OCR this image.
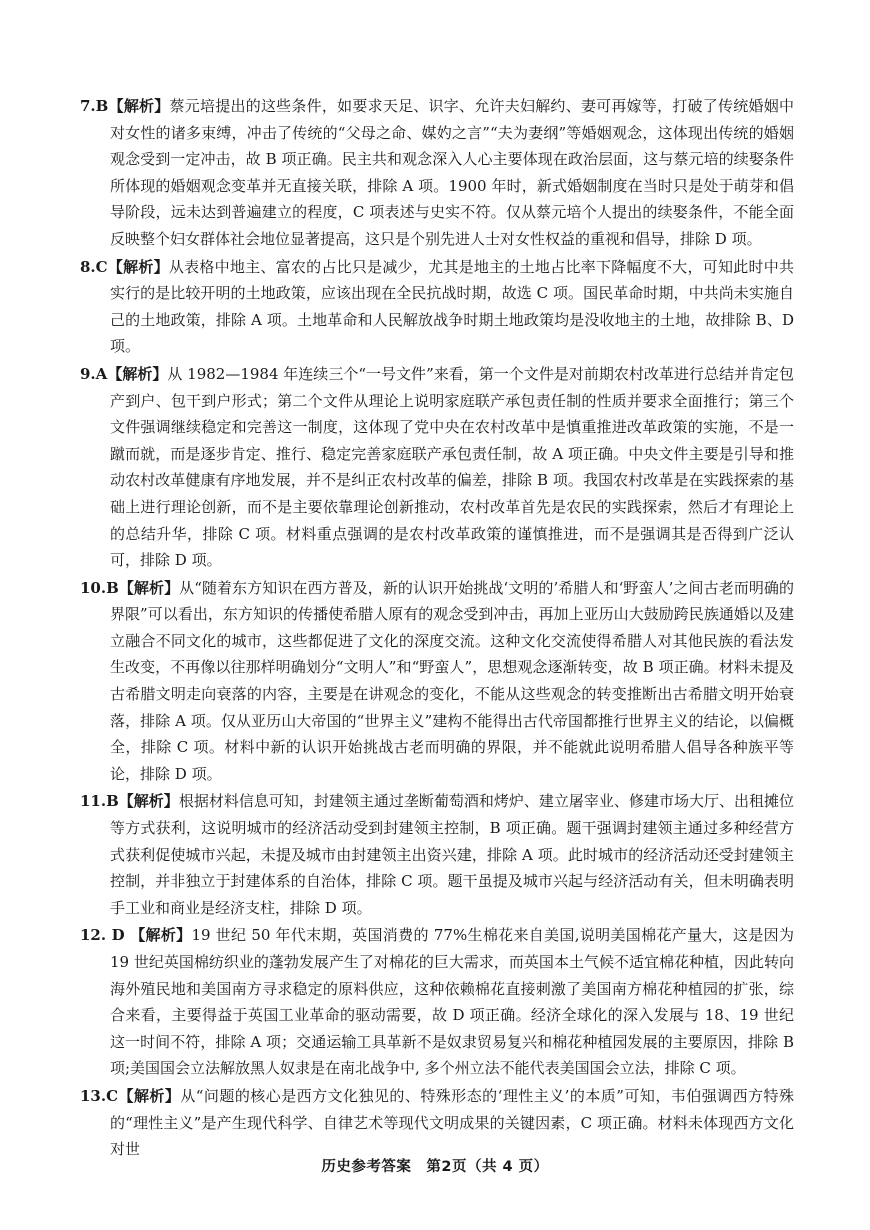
7.B【解析】蔡元培提出的这些条件，如要求天足、识字、允许夫妇解约、妻可再嫁等，打破了传统婚姻中对女性的诸多束缚，冲击了传统的“父母之命、媒妁之言”“夫为妻纲”等婚姻观念，这体现出传统的婚姻观念受到一定冲击，故 B 项正确。民主共和观念深入人心主要体现在政治层面，这与蔡元培的续娶条件所体现的婚姻观念变革并无直接关联，排除 A 项。1900 年时，新式婚姻制度在当时只是处于萌芽和倡导阶段，远未达到普遍建立的程度，C 项表述与史实不符。仅从蔡元培个人提出的续娶条件，不能全面反映整个妇女群体社会地位显著提高，这只是个别先进人士对女性权益的重视和倡导，排除 D 项。

8.C【解析】从表格中地主、富农的占比只是减少，尤其是地主的土地占比率下降幅度不大，可知此时中共实行的是比较开明的土地政策，应该出现在全民抗战时期，故选 C 项。国民革命时期，中共尚未实施自己的土地政策，排除 A 项。土地革命和人民解放战争时期土地政策均是没收地主的土地，故排除 B、D 项。

9.A【解析】从 1982—1984 年连续三个“一号文件”来看，第一个文件是对前期农村改革进行总结并肯定包产到户、包干到户形式；第二个文件从理论上说明家庭联产承包责任制的性质并要求全面推行；第三个文件强调继续稳定和完善这一制度，这体现了党中央在农村改革中是慎重推进改革政策的实施，不是一蹴而就，而是逐步肯定、推行、稳定完善家庭联产承包责任制，故 A 项正确。中央文件主要是引导和推动农村改革健康有序地发展，并不是纠正农村改革的偏差，排除 B 项。我国农村改革是在实践探索的基础上进行理论创新，而不是主要依靠理论创新推动，农村改革首先是农民的实践探索，然后才有理论上的总结升华，排除 C 项。材料重点强调的是农村改革政策的谨慎推进，而不是强调其是否得到广泛认可，排除 D 项。

10.B【解析】从“随着东方知识在西方普及，新的认识开始挑战‘文明的’希腊人和‘野蛮人’之间古老而明确的界限”可以看出，东方知识的传播使希腊人原有的观念受到冲击，再加上亚历山大鼓励跨民族通婚以及建立融合不同文化的城市，这些都促进了文化的深度交流。这种文化交流使得希腊人对其他民族的看法发生改变，不再像以往那样明确划分“文明人”和“野蛮人”，思想观念逐渐转变，故 B 项正确。材料未提及古希腊文明走向衰落的内容，主要是在讲观念的变化，不能从这些观念的转变推断出古希腊文明开始衰落，排除 A 项。仅从亚历山大帝国的“世界主义”建构不能得出古代帝国都推行世界主义的结论，以偏概全，排除 C 项。材料中新的认识开始挑战古老而明确的界限，并不能就此说明希腊人倡导各种族平等论，排除 D 项。

11.B【解析】根据材料信息可知，封建领主通过垄断葡萄酒和烤炉、建立屠宰业、修建市场大厅、出租摊位等方式获利，这说明城市的经济活动受到封建领主控制，B 项正确。题干强调封建领主通过多种经营方式获利促使城市兴起，未提及城市由封建领主出资兴建，排除 A 项。此时城市的经济活动还受封建领主控制，并非独立于封建体系的自治体，排除 C 项。题干虽提及城市兴起与经济活动有关，但未明确表明手工业和商业是经济支柱，排除 D 项。

12. D 【解析】19 世纪 50 年代末期，英国消费的 77%生棉花来自美国,说明美国棉花产量大，这是因为 19 世纪英国棉纺织业的蓬勃发展产生了对棉花的巨大需求，而英国本土气候不适宜棉花种植，因此转向海外殖民地和美国南方寻求稳定的原料供应，这种依赖棉花直接刺激了美国南方棉花种植园的扩张，综合来看，主要得益于英国工业革命的驱动需要，故 D 项正确。经济全球化的深入发展与 18、19 世纪这一时间不符，排除 A 项；交通运输工具革新不是奴隶贸易复兴和棉花种植园发展的主要原因，排除 B 项;美国国会立法解放黑人奴隶是在南北战争中, 多个州立法不能代表美国国会立法，排除 C 项。

13.C【解析】从“问题的核心是西方文化独见的、特殊形态的‘理性主义’的本质”可知，韦伯强调西方特殊的“理性主义”是产生现代科学、自律艺术等现代文明成果的关键因素，C 项正确。材料未体现西方文化对世

历史参考答案　第2页（共 4 页）
